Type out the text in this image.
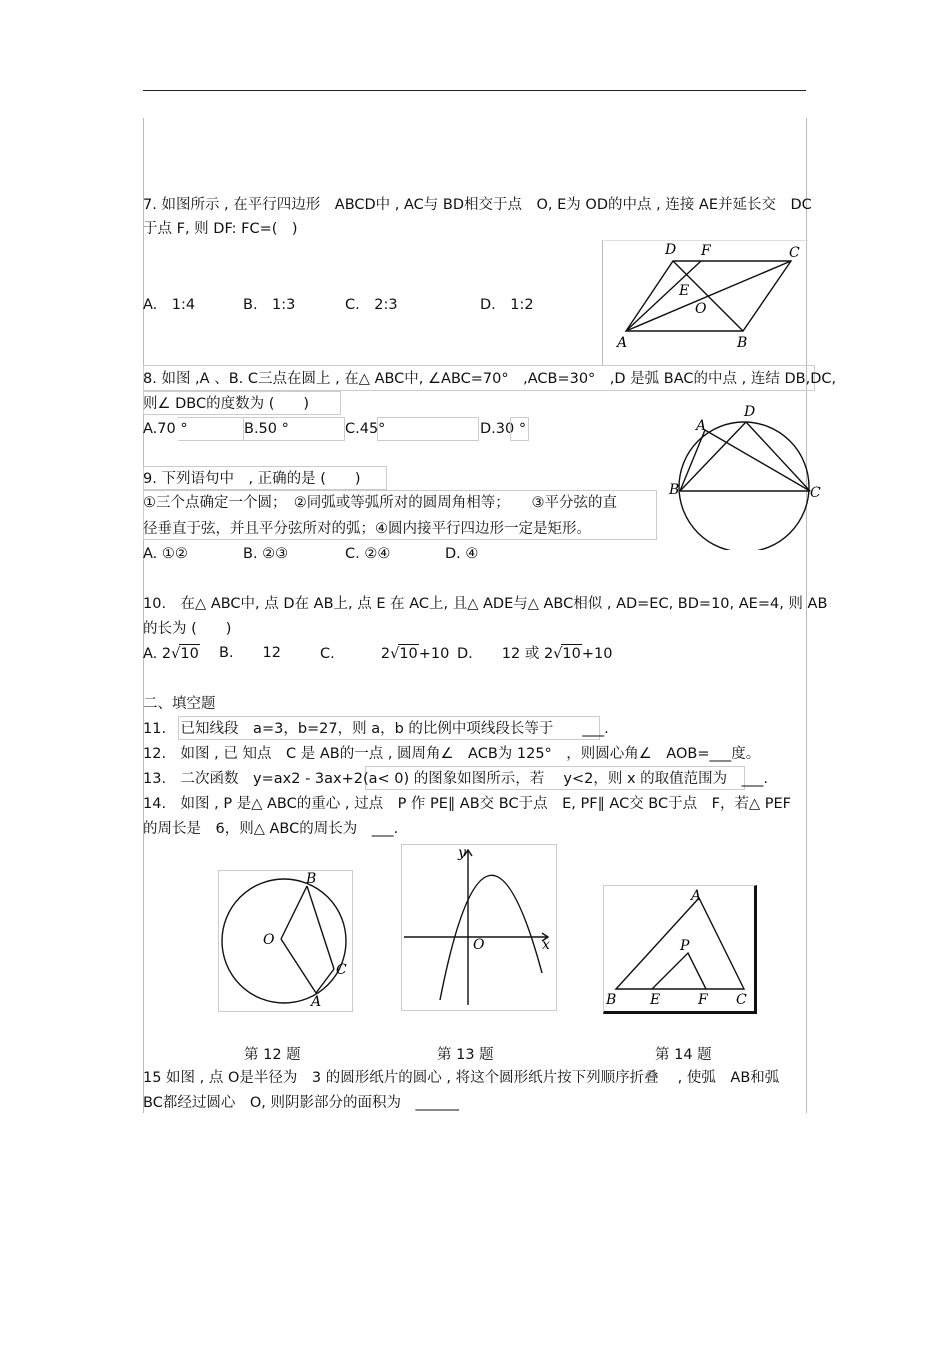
7. 如图所示 , 在平行四边形　ABCD中 , AC与 BD相交于点　O, E为 OD的中点 , 连接 AE并延长交　DC
于点 F, 则 DF: FC=(　)
A.　1:4	B.　1:3	C.　2:3	D.　1:2
D F	C
E
O
A	B
8. 如图 ,A 、B. C三点在圆上 , 在△ ABC中, ∠ABC=70°　,ACB=30°　,D 是弧 BAC的中点 , 连结 DB,DC,
则∠ DBC的度数为 (　　)
A.70 °	B.50 °	C.45°	D.30 °
D
A
B	C
9. 下列语句中　, 正确的是 (　　)
①三个点确定一个圆；　②同弧或等弧所对的圆周角相等；　　③平分弦的直
径垂直于弦，并且平分弦所对的弧；④圆内接平行四边形一定是矩形。
A. ①②	B. ②③	C. ②④	D. ④
10.　在△ ABC中, 点 D在 AB上, 点 E 在 AC上, 且△ ADE与△ ABC相似 , AD=EC, BD=10, AE=4, 则 AB
的长为 (　　)
A. 2√10 B.　　12	C.	2√10+10 D.　　12 或 2√10+10
二、填空题
11.　已知线段　a=3，b=27，则 a，b 的比例中项线段长等于　　___.
12.　如图 , 已 知点　C 是 AB的一点 , 圆周角∠　ACB为 125°　，则圆心角∠　AOB=___度。
13.　二次函数　y=ax2 - 3ax+2(a< 0) 的图象如图所示，若　 y<2，则 x 的取值范围为　___.
14.　如图 , P 是△ ABC的重心 , 过点　P 作 PE∥ AB交 BC于点　E, PF∥ AC交 BC于点　F，若△ PEF
的周长是　6，则△ ABC的周长为　___.
B
O
C
A
y
O	x
A
P
B E	F C
第 12 题	第 13 题	第 14 题
15 如图 , 点 O是半径为　3 的圆形纸片的圆心 , 将这个圆形纸片按下列顺序折叠　 , 使弧　AB和弧
BC都经过圆心　O, 则阴影部分的面积为　______
